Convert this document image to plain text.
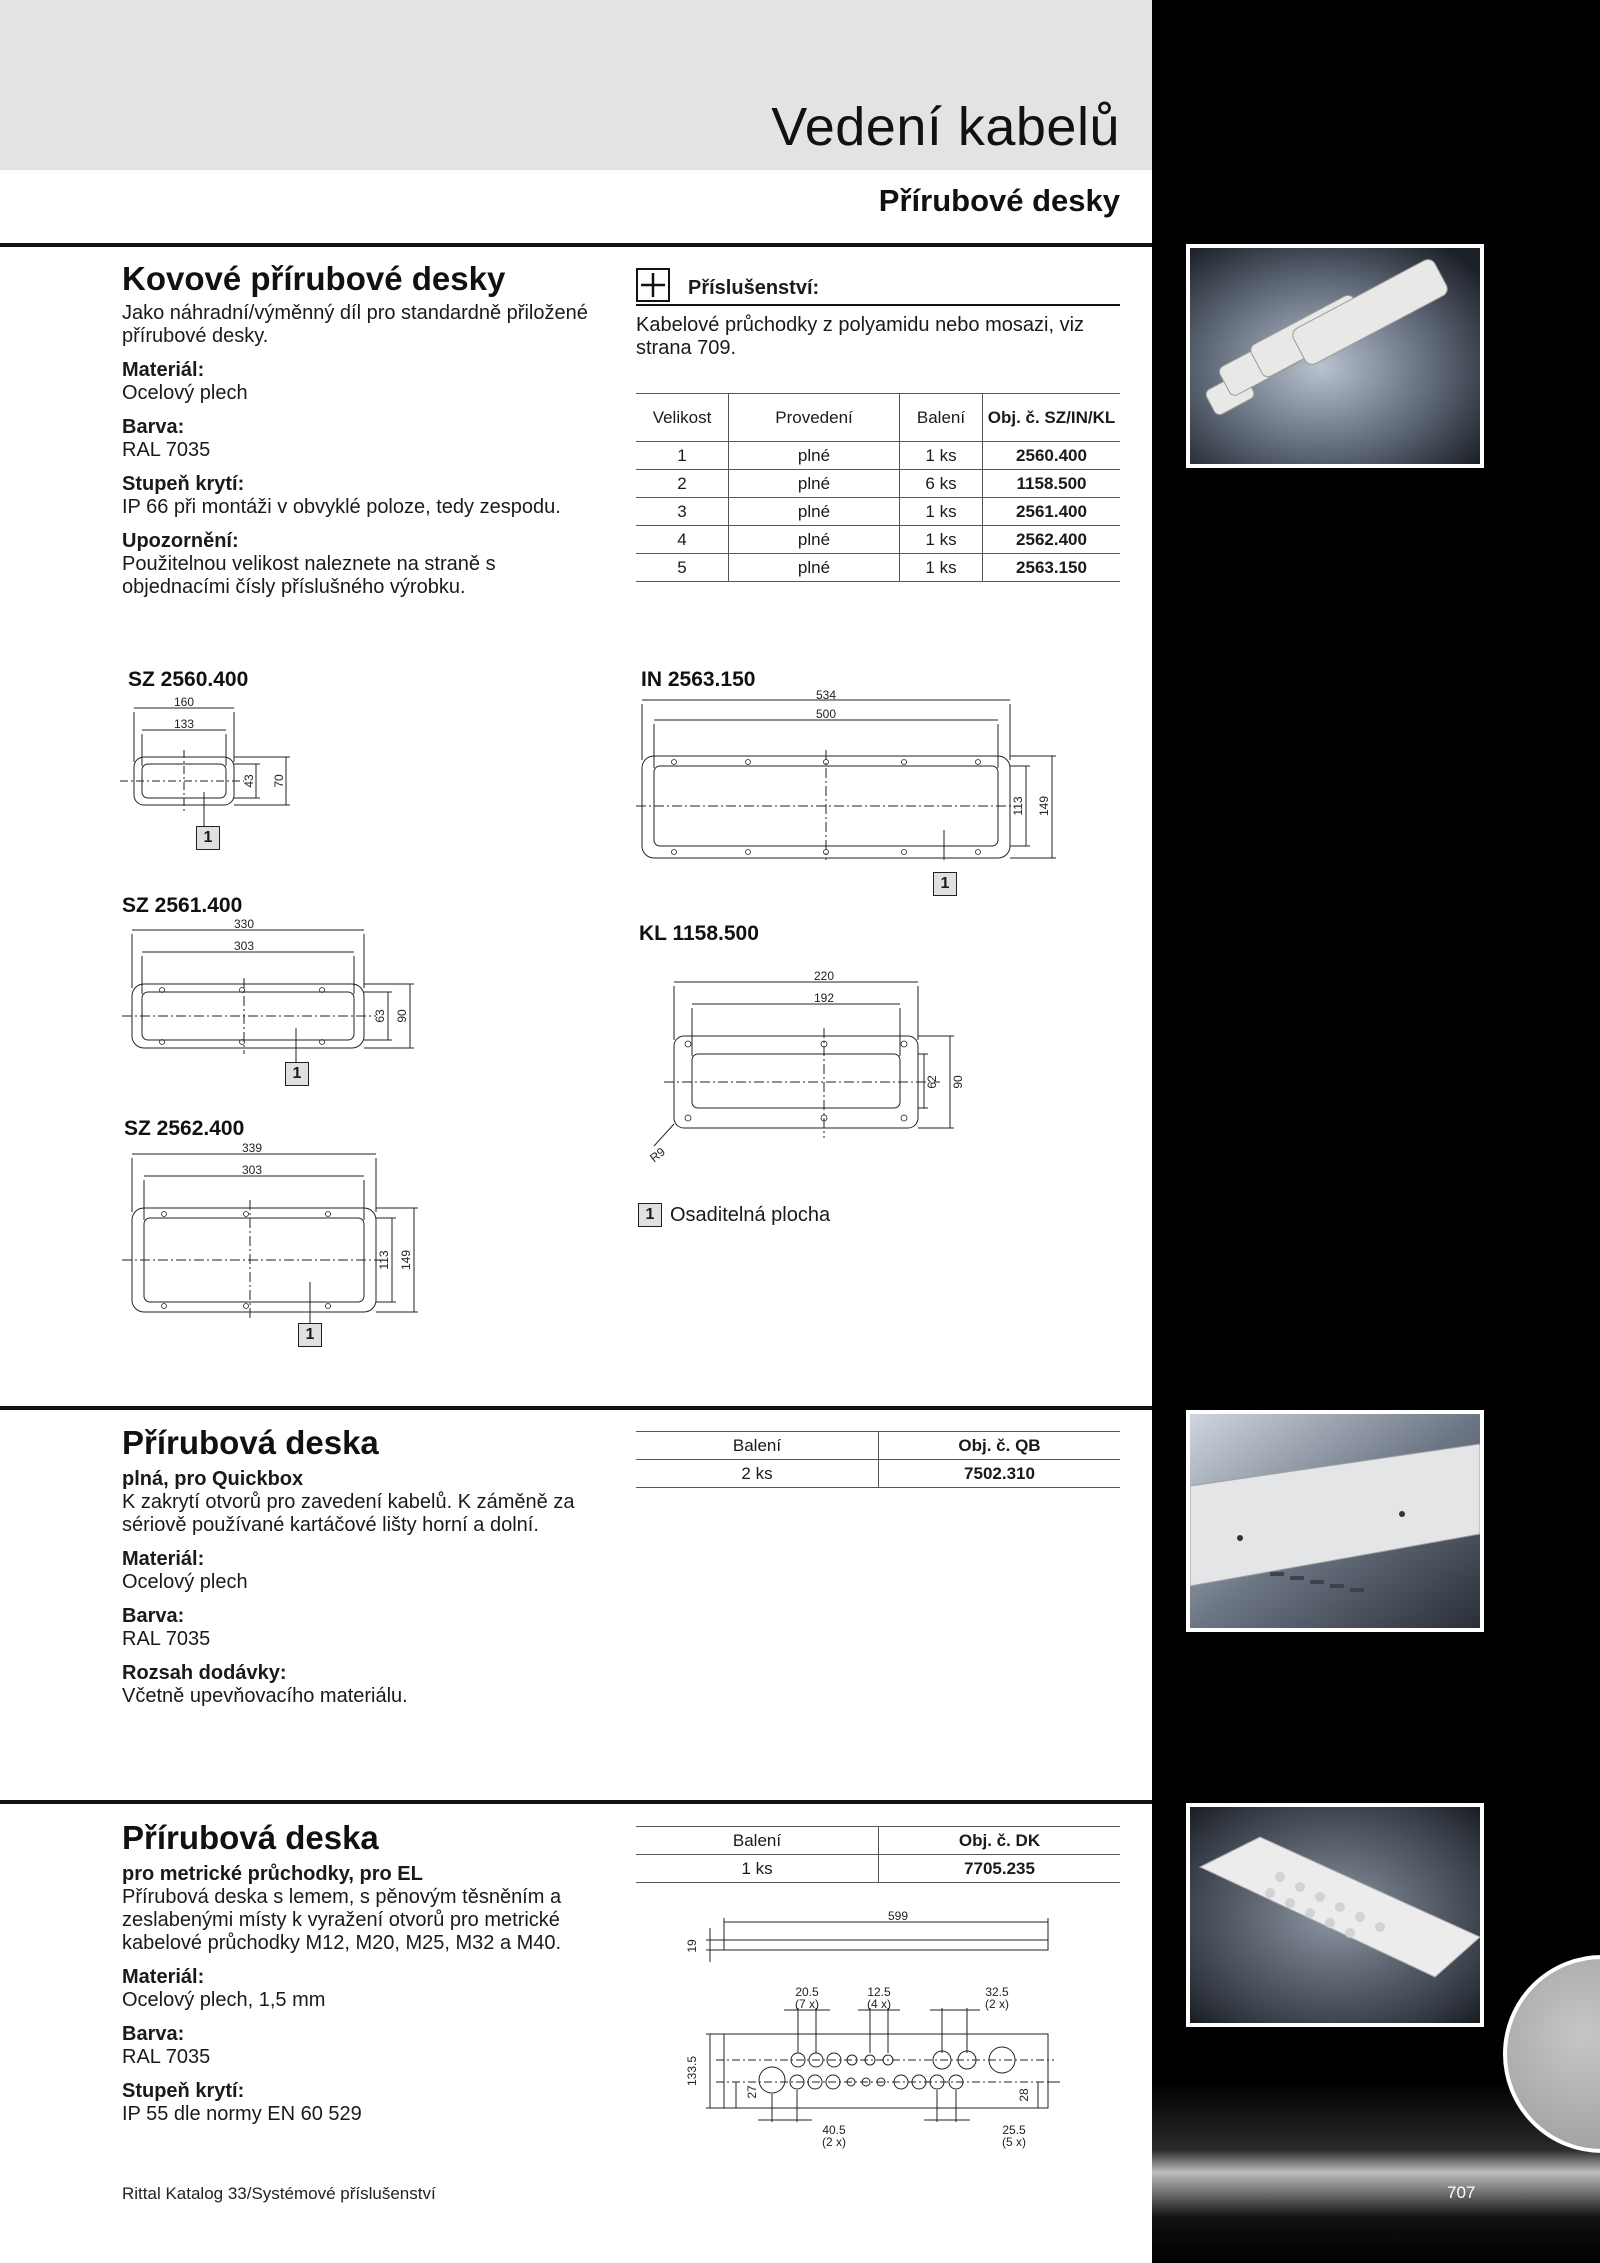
Vedení kabelů
Přírubové desky
Kovové přírubové desky
Jako náhradní/výměnný díl pro standardně přiložené přírubové desky.
Materiál:
Ocelový plech
Barva:
RAL 7035
Stupeň krytí:
IP 66 při montáži v obvyklé poloze, tedy zespodu.
Upozornění:
Použitelnou velikost naleznete na straně s objednacími čísly příslušného výrobku.
Příslušenství:
Kabelové průchodky z polyamidu nebo mosazi, viz strana 709.
Velikost	Provedení	Balení	Obj. č. SZ/IN/KL
1	plné	1 ks	2560.400
2	plné	6 ks	1158.500
3	plné	1 ks	2561.400
4	plné	1 ks	2562.400
5	plné	1 ks	2563.150
SZ 2560.400
160
133
43 70
1
IN 2563.150
534
500
113 149
1
SZ 2561.400
330
303
63 90
1
KL 1158.500
220
192
62 90
R9
1 Osaditelná plocha
SZ 2562.400
339
303
113 149
1
Přírubová deska
plná, pro Quickbox
K zakrytí otvorů pro zavedení kabelů. K záměně za sériově používané kartáčové lišty horní a dolní.
Materiál:
Ocelový plech
Barva:
RAL 7035
Rozsah dodávky:
Včetně upevňovacího materiálu.
Balení	Obj. č. QB
2 ks	7502.310
Přírubová deska
pro metrické průchodky, pro EL
Přírubová deska s lemem, s pěnovým těsněním a zeslabenými místy k vyražení otvorů pro metrické kabelové průchodky M12, M20, M25, M32 a M40.
Materiál:
Ocelový plech, 1,5 mm
Barva:
RAL 7035
Stupeň krytí:
IP 55 dle normy EN 60 529
Balení	Obj. č. DK
1 ks	7705.235
19
599
20.5
(7 x)
12.5
(4 x)
32.5
(2 x)
133.5
27	28
40.5
(2 x)
25.5
(5 x)
Rittal Katalog 33/Systémové příslušenství	707
